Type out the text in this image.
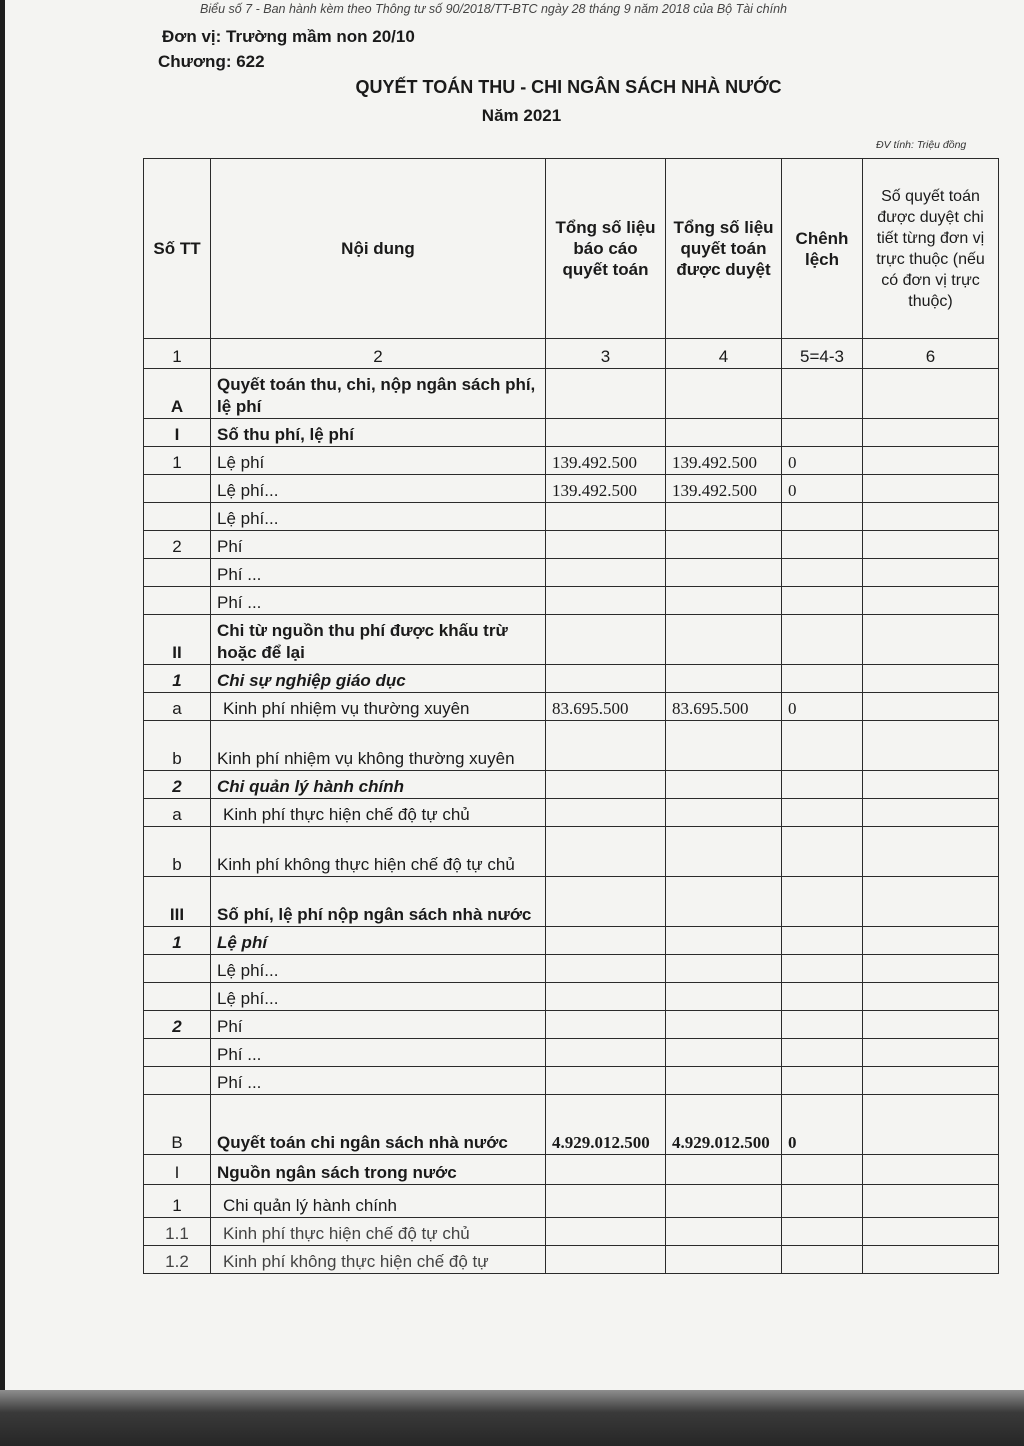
Biểu số 7 - Ban hành kèm theo Thông tư số 90/2018/TT-BTC ngày 28 tháng 9 năm 2018 của Bộ Tài chính
Đơn vị: Trường mầm non 20/10
Chương: 622
QUYẾT TOÁN THU - CHI NGÂN SÁCH NHÀ NƯỚC
Năm 2021
ĐV tính: Triệu đồng
Số TT	Nội dung	Tổng số liệu báo cáo quyết toán	Tổng số liệu quyết toán được duyệt	Chênh lệch	Số quyết toán được duyệt chi tiết từng đơn vị trực thuộc (nếu có đơn vị trực thuộc)
1	2	3	4	5=4-3	6
A	Quyết toán thu, chi, nộp ngân sách phí, lệ phí				
I	Số thu phí, lệ phí				
1	Lệ phí	139.492.500	139.492.500	0	
	Lệ phí...	139.492.500	139.492.500	0	
	Lệ phí...				
2	Phí				
	Phí ...				
	Phí ...				
II	Chi từ nguồn thu phí được khấu trừ hoặc để lại				
1	Chi sự nghiệp giáo dục				
a	Kinh phí nhiệm vụ thường xuyên	83.695.500	83.695.500	0	
b	Kinh phí nhiệm vụ không thường xuyên				
2	Chi quản lý hành chính				
a	Kinh phí thực hiện chế độ tự chủ				
b	Kinh phí không thực hiện chế độ tự chủ				
III	Số phí, lệ phí nộp ngân sách nhà nước				
1	Lệ phí				
	Lệ phí...				
	Lệ phí...				
2	Phí				
	Phí ...				
	Phí ...				
B	Quyết toán chi ngân sách nhà nước	4.929.012.500	4.929.012.500	0	
I	Nguồn ngân sách trong nước				
1	Chi quản lý hành chính				
1.1	Kinh phí thực hiện chế độ tự chủ				
1.2	Kinh phí không thực hiện chế độ tự				
